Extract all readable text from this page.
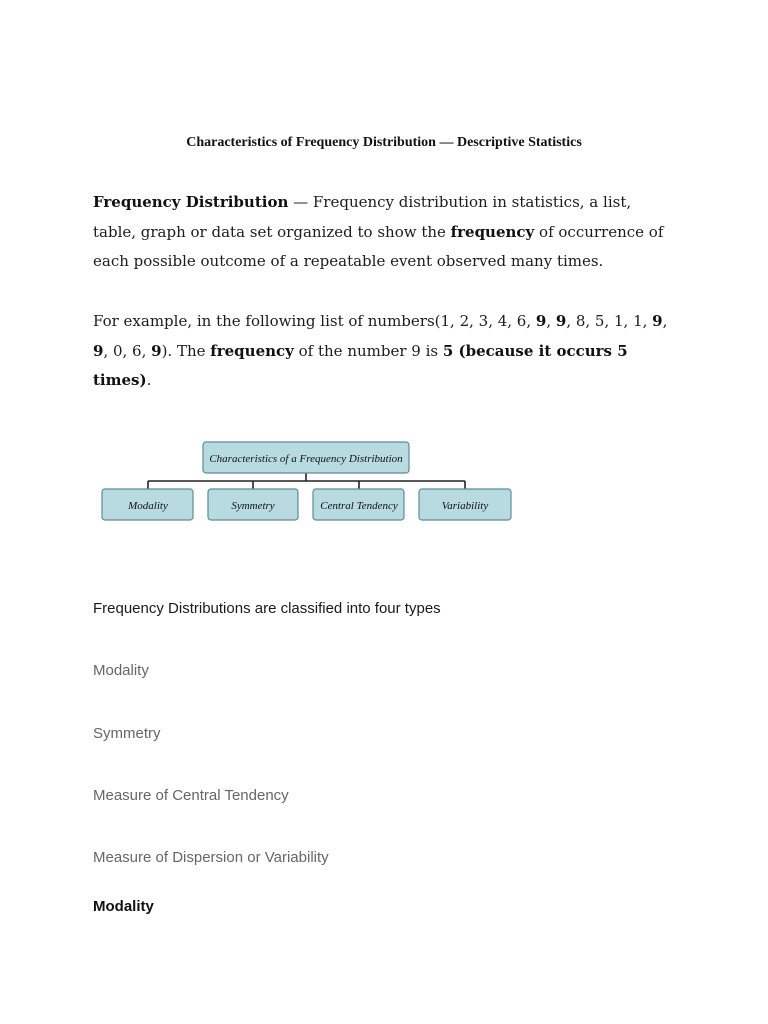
Characteristics of Frequency Distribution — Descriptive Statistics
Frequency Distribution — Frequency distribution in statistics, a list, table, graph or data set organized to show the frequency of occurrence of each possible outcome of a repeatable event observed many times.
For example, in the following list of numbers(1, 2, 3, 4, 6, 9, 9, 8, 5, 1, 1, 9, 9, 0, 6, 9). The frequency of the number 9 is 5 (because it occurs 5 times).
Characteristics of a Frequency Distribution
Modality	Symmetry	Central Tendency	Variability
Frequency Distributions are classified into four types
Modality
Symmetry
Measure of Central Tendency
Measure of Dispersion or Variability
Modality
